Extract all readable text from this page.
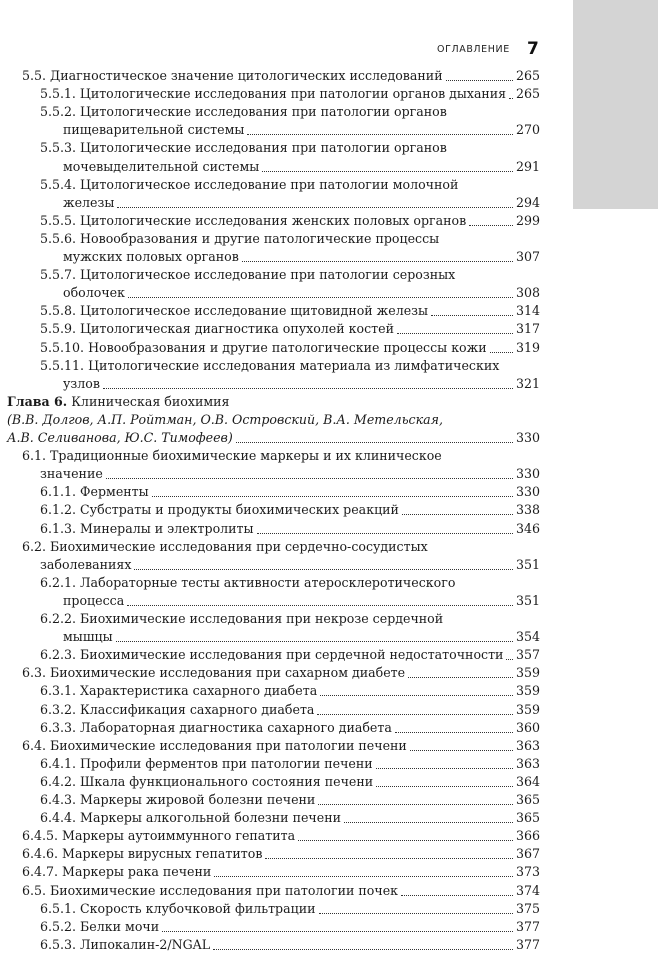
ОГЛАВЛЕНИЕ 7
5.5. Диагностическое значение цитологических исследований	265
5.5.1. Цитологические исследования при патологии органов дыхания 265
5.5.2. Цитологические исследования при патологии органов
пищеварительной системы	270
5.5.3. Цитологические исследования при патологии органов
мочевыделительной системы	291
5.5.4. Цитологическое исследование при патологии молочной
железы	294
5.5.5. Цитологические исследования женских половых органов	299
5.5.6. Новообразования и другие патологические процессы
мужских половых органов	307
5.5.7. Цитологическое исследование при патологии серозных
оболочек	308
5.5.8. Цитологическое исследование щитовидной железы	314
5.5.9. Цитологическая диагностика опухолей костей	317
5.5.10. Новообразования и другие патологические процессы кожи 319
5.5.11. Цитологические исследования материала из лимфатических
узлов	321
Глава 6. Клиническая биохимия
(В.В. Долгов, А.П. Ройтман, О.В. Островский, В.А. Метельская,
А.В. Селиванова, Ю.С. Тимофеев)	330
6.1. Традиционные биохимические маркеры и их клиническое
значение	330
6.1.1. Ферменты	330
6.1.2. Субстраты и продукты биохимических реакций	338
6.1.3. Минералы и электролиты	346
6.2. Биохимические исследования при сердечно-сосудистых
заболеваниях	351
6.2.1. Лабораторные тесты активности атеросклеротического
процесса	351
6.2.2. Биохимические исследования при некрозе сердечной
мышцы	354
6.2.3. Биохимические исследования при сердечной недостаточности 357
6.3. Биохимические исследования при сахарном диабете	359
6.3.1. Характеристика сахарного диабета	359
6.3.2. Классификация сахарного диабета	359
6.3.3. Лабораторная диагностика сахарного диабета	360
6.4. Биохимические исследования при патологии печени	363
6.4.1. Профили ферментов при патологии печени	363
6.4.2. Шкала функционального состояния печени	364
6.4.3. Маркеры жировой болезни печени	365
6.4.4. Маркеры алкогольной болезни печени	365
6.4.5. Маркеры аутоиммунного гепатита	366
6.4.6. Маркеры вирусных гепатитов	367
6.4.7. Маркеры рака печени	373
6.5. Биохимические исследования при патологии почек	374
6.5.1. Скорость клубочковой фильтрации	375
6.5.2. Белки мочи	377
6.5.3. Липокалин-2/NGAL	377
